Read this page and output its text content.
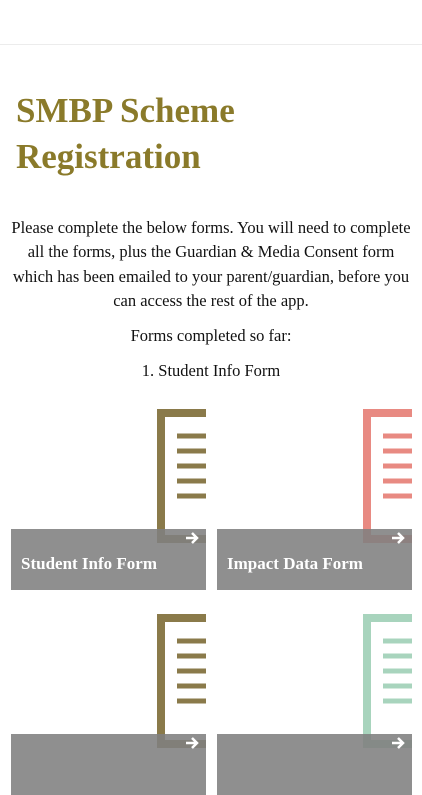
SMBP Scheme Registration

Please complete the below forms. You will need to complete all the forms, plus the Guardian & Media Consent form which has been emailed to your parent/guardian, before you can access the rest of the app.

Forms completed so far:

1. Student Info Form

Student Info Form	Impact Data Form
